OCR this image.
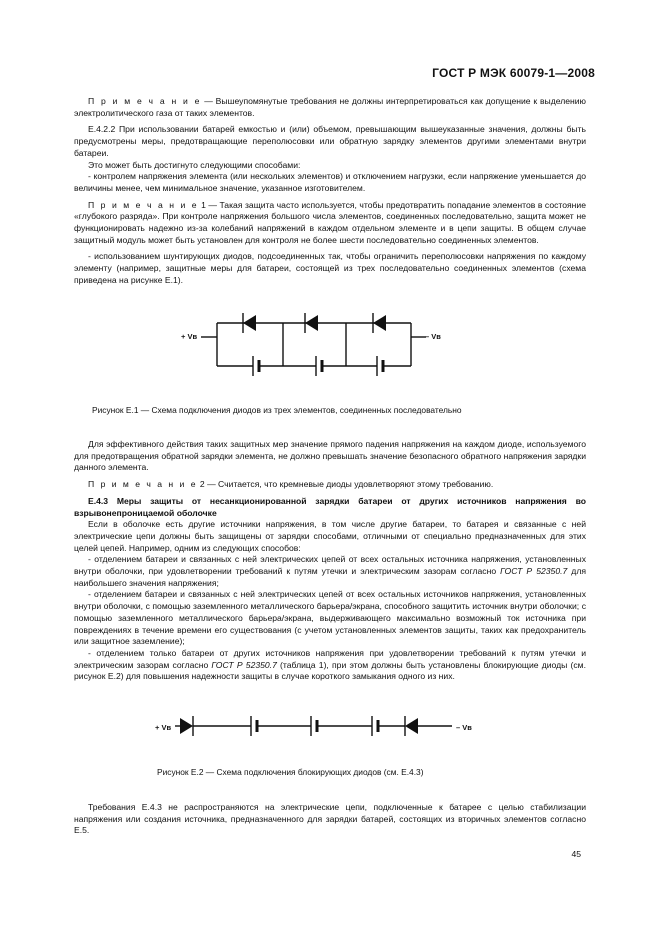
ГОСТ Р МЭК 60079-1—2008

П р и м е ч а н и е — Вышеупомянутые требования не должны интерпретироваться как допущение к выделению электролитического газа от таких элементов.

Е.4.2.2 При использовании батарей емкостью и (или) объемом, превышающим вышеуказанные значения, должны быть предусмотрены меры, предотвращающие переполюсовки или обратную зарядку элементов другими элементами внутри батареи.

Это может быть достигнуто следующими способами:

- контролем напряжения элемента (или нескольких элементов) и отключением нагрузки, если напряжение уменьшается до величины менее, чем минимальное значение, указанное изготовителем.

П р и м е ч а н и е 1 — Такая защита часто используется, чтобы предотвратить попадание элементов в состояние «глубокого разряда». При контроле напряжения большого числа элементов, соединенных последовательно, защита может не функционировать надежно из-за колебаний напряжений в каждом отдельном элементе и в цепи защиты. В общем случае защитный модуль может быть установлен для контроля не более шести последовательно соединенных элементов.

- использованием шунтирующих диодов, подсоединенных так, чтобы ограничить переполюсовки напряжения по каждому элементу (например, защитные меры для батареи, состоящей из трех последовательно соединенных элементов (схема приведена на рисунке Е.1).

+ Vв	– Vв
+ Vв	– Vв
Рисунок Е.1 — Схема подключения диодов из трех элементов, соединенных последовательно

Для эффективного действия таких защитных мер значение прямого падения напряжения на каждом диоде, используемого для предотвращения обратной зарядки элемента, не должно превышать значение безопасного обратного напряжения зарядки данного элемента.

П р и м е ч а н и е 2 — Считается, что кремневые диоды удовлетворяют этому требованию.

Е.4.3 Меры защиты от несанкционированной зарядки батареи от других источников напряжения во взрывонепроницаемой оболочке

Если в оболочке есть другие источники напряжения, в том числе другие батареи, то батарея и связанные с ней электрические цепи должны быть защищены от зарядки способами, отличными от специально предназначенных для этих целей цепей. Например, одним из следующих способов:

- отделением батареи и связанных с ней электрических цепей от всех остальных источника напряжения, установленных внутри оболочки, при удовлетворении требований к путям утечки и электрическим зазорам согласно ГОСТ Р 52350.7 для наибольшего значения напряжения;

- отделением батареи и связанных с ней электрических цепей от всех остальных источников напряжения, установленных внутри оболочки, с помощью заземленного металлического барьера/экрана, способного защитить источник внутри оболочки; с помощью заземленного металлического барьера/экрана, выдерживающего максимально возможный ток источника при повреждениях в течение времени его существования (с учетом установленных элементов защиты, таких как предохранитель или защитное заземление);

- отделением только батареи от других источников напряжения при удовлетворении требований к путям утечки и электрическим зазорам согласно ГОСТ Р 52350.7 (таблица 1), при этом должны быть установлены блокирующие диоды (см. рисунок Е.2) для повышения надежности защиты в случае короткого замыкания одного из них.

Рисунок Е.2 — Схема подключения блокирующих диодов (см. Е.4.3)

Требования Е.4.3 не распространяются на электрические цепи, подключенные к батарее с целью стабилизации напряжения или создания источника, предназначенного для зарядки батарей, состоящих из вторичных элементов согласно Е.5.

45
